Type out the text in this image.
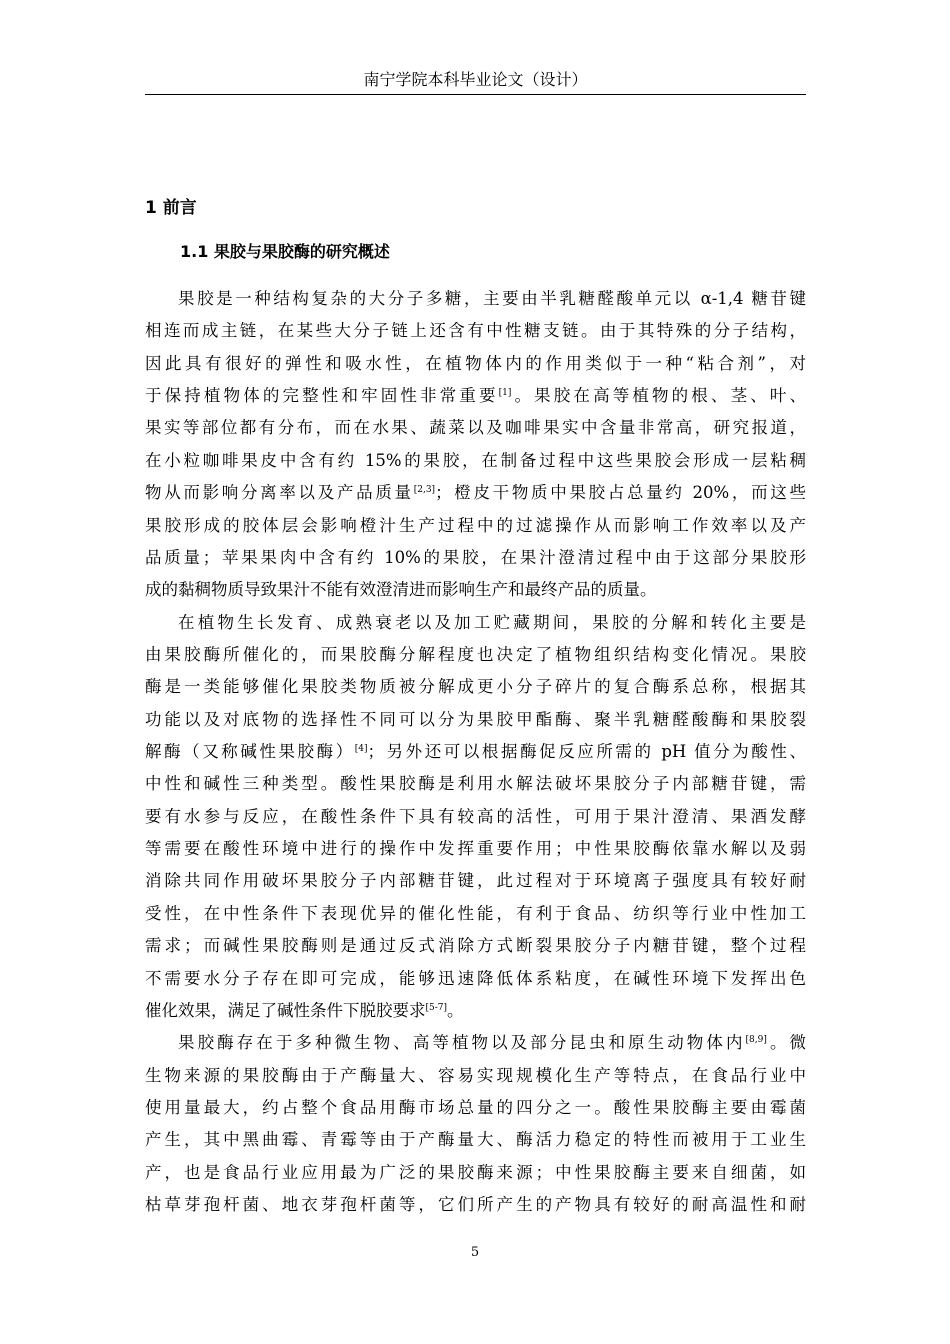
南宁学院本科毕业论文（设计）
1 前言
1.1 果胶与果胶酶的研究概述
果胶是一种结构复杂的大分子多糖，主要由半乳糖醛酸单元以 α-1,4 糖苷键
相连而成主链，在某些大分子链上还含有中性糖支链。由于其特殊的分子结构，
因此具有很好的弹性和吸水性，在植物体内的作用类似于一种“粘合剂”，对
于保持植物体的完整性和牢固性非常重要[1]。果胶在高等植物的根、茎、叶、
果实等部位都有分布，而在水果、蔬菜以及咖啡果实中含量非常高，研究报道，
在小粒咖啡果皮中含有约 15%的果胶，在制备过程中这些果胶会形成一层粘稠
物从而影响分离率以及产品质量[2,3]；橙皮干物质中果胶占总量约 20%，而这些
果胶形成的胶体层会影响橙汁生产过程中的过滤操作从而影响工作效率以及产
品质量；苹果果肉中含有约 10%的果胶，在果汁澄清过程中由于这部分果胶形
成的黏稠物质导致果汁不能有效澄清进而影响生产和最终产品的质量。
在植物生长发育、成熟衰老以及加工贮藏期间，果胶的分解和转化主要是
由果胶酶所催化的，而果胶酶分解程度也决定了植物组织结构变化情况。果胶
酶是一类能够催化果胶类物质被分解成更小分子碎片的复合酶系总称，根据其
功能以及对底物的选择性不同可以分为果胶甲酯酶、聚半乳糖醛酸酶和果胶裂
解酶（又称碱性果胶酶）[4]；另外还可以根据酶促反应所需的 pH 值分为酸性、
中性和碱性三种类型。酸性果胶酶是利用水解法破坏果胶分子内部糖苷键，需
要有水参与反应，在酸性条件下具有较高的活性，可用于果汁澄清、果酒发酵
等需要在酸性环境中进行的操作中发挥重要作用；中性果胶酶依靠水解以及弱
消除共同作用破坏果胶分子内部糖苷键，此过程对于环境离子强度具有较好耐
受性，在中性条件下表现优异的催化性能，有利于食品、纺织等行业中性加工
需求；而碱性果胶酶则是通过反式消除方式断裂果胶分子内糖苷键，整个过程
不需要水分子存在即可完成，能够迅速降低体系粘度，在碱性环境下发挥出色
催化效果，满足了碱性条件下脱胶要求[5-7]。
果胶酶存在于多种微生物、高等植物以及部分昆虫和原生动物体内[8,9]。微
生物来源的果胶酶由于产酶量大、容易实现规模化生产等特点，在食品行业中
使用量最大，约占整个食品用酶市场总量的四分之一。酸性果胶酶主要由霉菌
产生，其中黑曲霉、青霉等由于产酶量大、酶活力稳定的特性而被用于工业生
产，也是食品行业应用最为广泛的果胶酶来源；中性果胶酶主要来自细菌，如
枯草芽孢杆菌、地衣芽孢杆菌等，它们所产生的产物具有较好的耐高温性和耐
5
